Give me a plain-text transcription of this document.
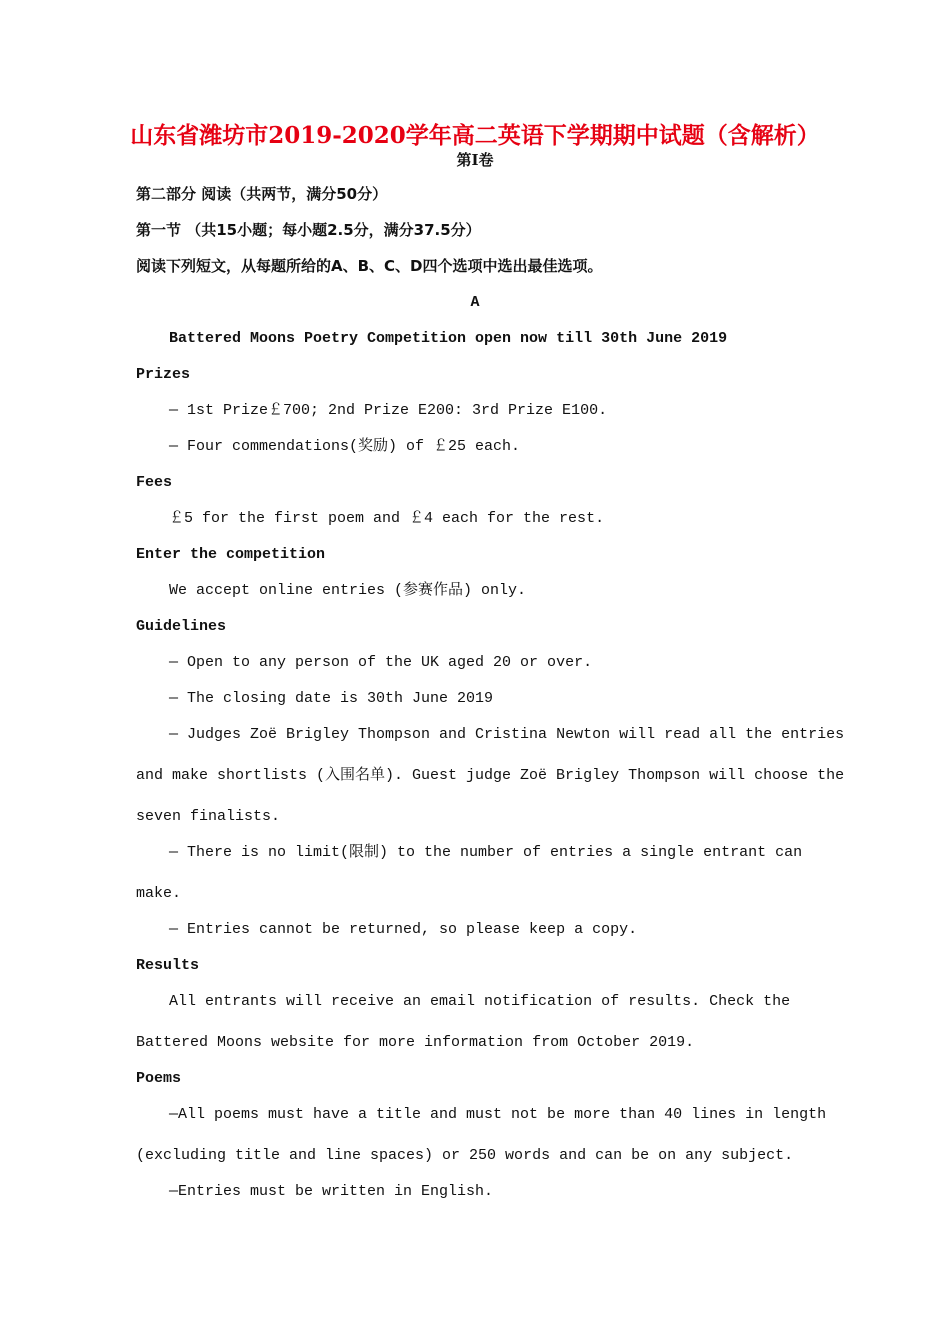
山东省潍坊市2019-2020学年高二英语下学期期中试题（含解析）
第Ⅰ卷
第二部分 阅读（共两节，满分50分）
第一节 （共15小题；每小题2.5分，满分37.5分）
阅读下列短文，从每题所给的A、B、C、D四个选项中选出最佳选项。
A
Battered Moons Poetry Competition open now till 30th June 2019
Prizes
— 1st Prize￡700; 2nd Prize E200: 3rd Prize E100.
— Four commendations(奖励) of ￡25 each.
Fees
￡5 for the first poem and ￡4 each for the rest.
Enter the competition
We accept online entries (参赛作品) only.
Guidelines
— Open to any person of the UK aged 20 or over.
— The closing date is 30th June 2019
— Judges Zoë Brigley Thompson and Cristina Newton will read all the entries
and make shortlists (入围名单). Guest judge Zoë Brigley Thompson will choose the
seven finalists.
— There is no limit(限制) to the number of entries a single entrant can
make.
— Entries cannot be returned, so please keep a copy.
Results
All entrants will receive an email notification of results. Check the
Battered Moons website for more information from October 2019.
Poems
—All poems must have a title and must not be more than 40 lines in length
(excluding title and line spaces) or 250 words and can be on any subject.
—Entries must be written in English.
